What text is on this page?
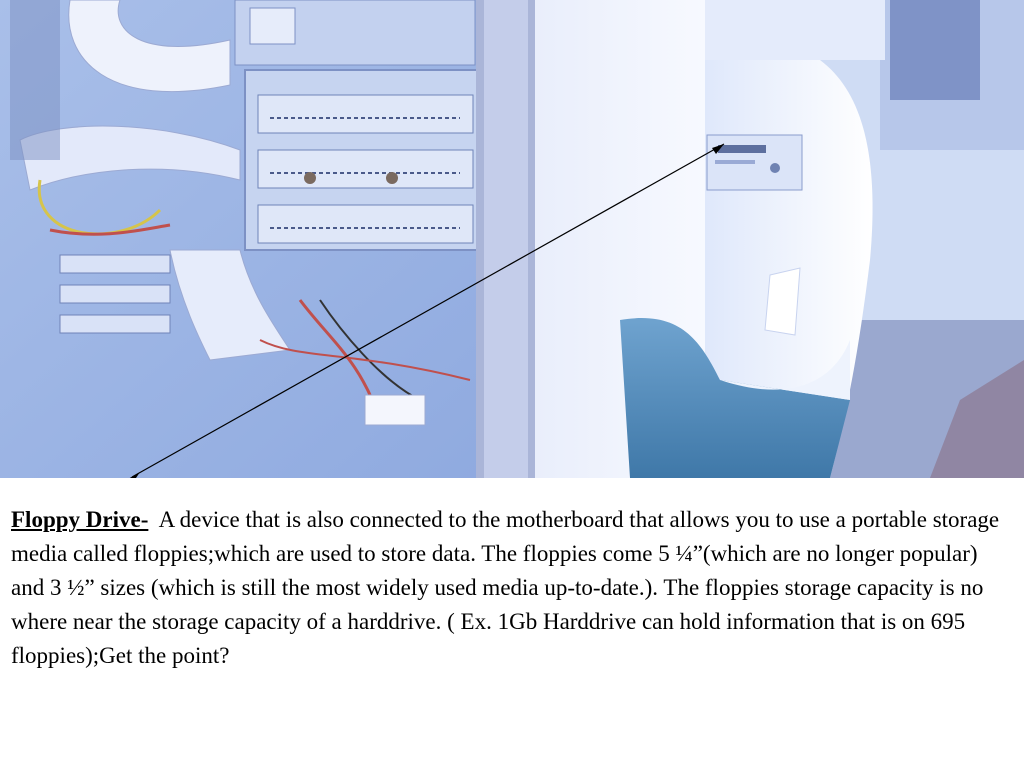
Floppy Drive- A device that is also connected to the motherboard that allows you to use a portable storage media called floppies;which are used to store data. The floppies come 5 ¼”(which are no longer popular) and 3 ½” sizes (which is still the most widely used media up-to-date.). The floppies storage capacity is no where near the storage capacity of a harddrive. ( Ex. 1Gb Harddrive can hold information that is on 695 floppies);Get the point?
